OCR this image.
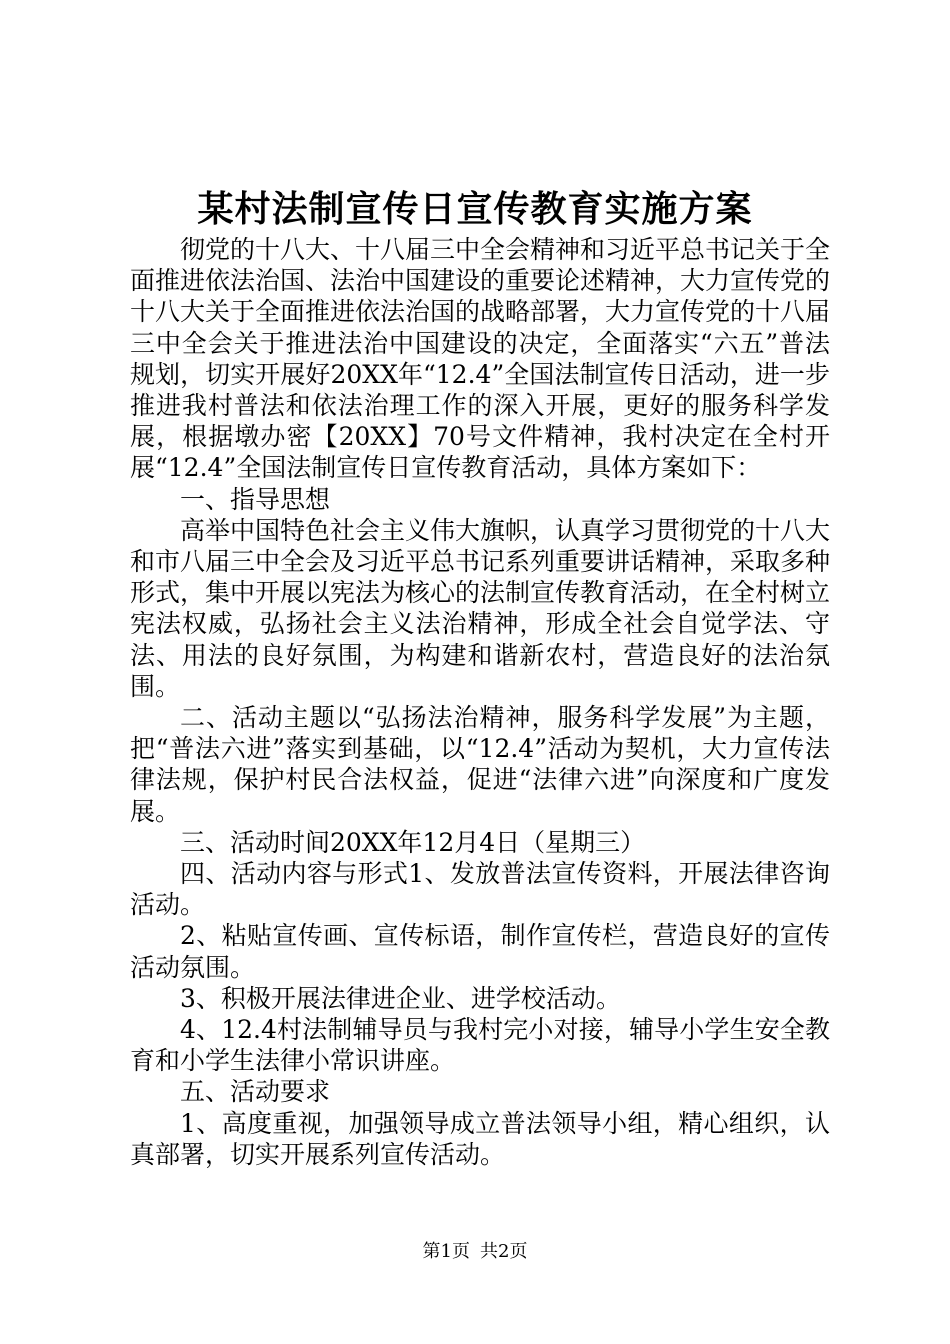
某村法制宣传日宣传教育实施方案

彻党的十八大、十八届三中全会精神和习近平总书记关于全面推进依法治国、法治中国建设的重要论述精神，大力宣传党的十八大关于全面推进依法治国的战略部署，大力宣传党的十八届三中全会关于推进法治中国建设的决定，全面落实“六五”普法规划，切实开展好20XX年“12.4”全国法制宣传日活动，进一步推进我村普法和依法治理工作的深入开展，更好的服务科学发展，根据墩办密【20XX】70号文件精神，我村决定在全村开展“12.4”全国法制宣传日宣传教育活动，具体方案如下：

一、指导思想

高举中国特色社会主义伟大旗帜，认真学习贯彻党的十八大和市八届三中全会及习近平总书记系列重要讲话精神，采取多种形式，集中开展以宪法为核心的法制宣传教育活动，在全村树立宪法权威，弘扬社会主义法治精神，形成全社会自觉学法、守法、用法的良好氛围，为构建和谐新农村，营造良好的法治氛围。

二、活动主题以“弘扬法治精神，服务科学发展”为主题，把“普法六进”落实到基础，以“12.4”活动为契机，大力宣传法律法规，保护村民合法权益，促进“法律六进”向深度和广度发展。

三、活动时间20XX年12月4日（星期三）

四、活动内容与形式1、发放普法宣传资料，开展法律咨询活动。

2、粘贴宣传画、宣传标语，制作宣传栏，营造良好的宣传活动氛围。

3、积极开展法律进企业、进学校活动。

4、12.4村法制辅导员与我村完小对接，辅导小学生安全教育和小学生法律小常识讲座。

五、活动要求

1、高度重视，加强领导成立普法领导小组，精心组织，认真部署，切实开展系列宣传活动。

第1页 共2页
